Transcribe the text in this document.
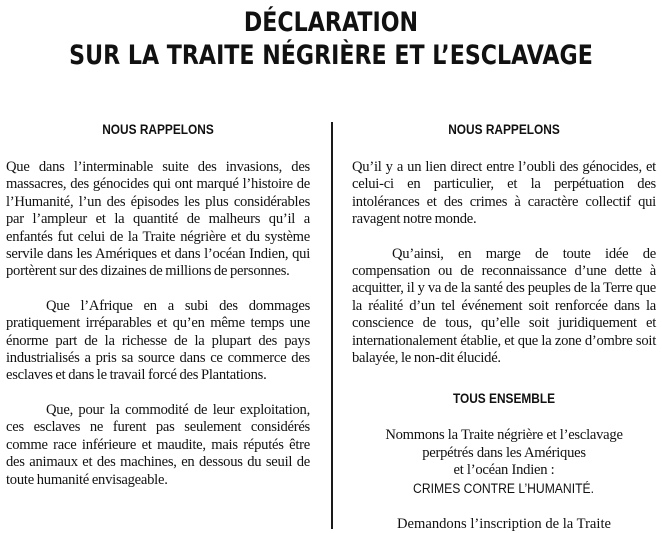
DÉCLARATION
SUR LA TRAITE NÉGRIÈRE ET L’ESCLAVAGE
NOUS RAPPELONS

Que dans l’interminable suite des invasions, des massacres, des génocides qui ont marqué l’histoire de l’Humanité, l’un des épisodes les plus considérables par l’ampleur et la quantité de malheurs qu’il a enfantés fut celui de la Traite négrière et du système servile dans les Amériques et dans l’océan Indien, qui portèrent sur des dizaines de millions de personnes.

Que l’Afrique en a subi des dommages pratiquement irréparables et qu’en même temps une énorme part de la richesse de la plupart des pays industrialisés a pris sa source dans ce commerce des esclaves et dans le travail forcé des Plantations.

Que, pour la commodité de leur exploitation, ces esclaves ne furent pas seulement considérés comme race inférieure et maudite, mais réputés être des animaux et des machines, en dessous du seuil de toute humanité envisageable.

NOUS RAPPELONS

Qu’il y a un lien direct entre l’oubli des génocides, et celui-ci en particulier, et la perpétuation des intolérances et des crimes à caractère collectif qui ravagent notre monde.

Qu’ainsi, en marge de toute idée de compensation ou de reconnaissance d’une dette à acquitter, il y va de la santé des peuples de la Terre que la réalité d’un tel événement soit renforcée dans la conscience de tous, qu’elle soit juridiquement et internationalement établie, et que la zone d’ombre soit balayée, le non-dit élucidé.

TOUS ENSEMBLE
Nommons la Traite négrière et l’esclavage
perpétrés dans les Amériques
et l’océan Indien :
CRIMES CONTRE L’HUMANITÉ.
Demandons l’inscription de la Traite
